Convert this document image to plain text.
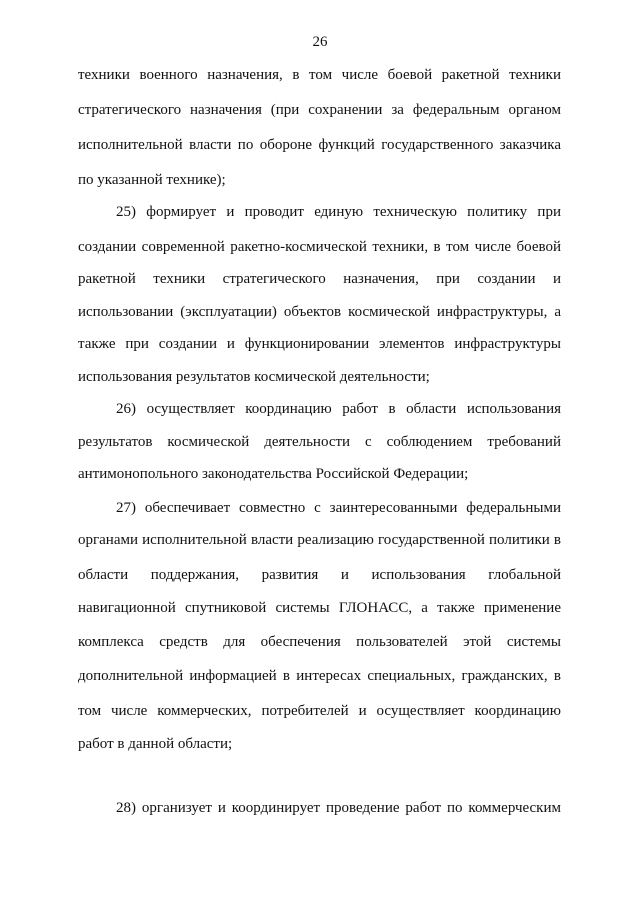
26
техники военного назначения, в том числе боевой ракетной техники
стратегического назначения (при сохранении за федеральным органом
исполнительной власти по обороне функций государственного заказчика
по указанной технике);
25) формирует и проводит единую техническую политику при
создании современной ракетно-космической техники, в том числе боевой
ракетной техники стратегического назначения, при создании и
использовании (эксплуатации) объектов космической инфраструктуры, а
также при создании и функционировании элементов инфраструктуры
использования результатов космической деятельности;
26) осуществляет координацию работ в области использования
результатов космической деятельности с соблюдением требований
антимонопольного законодательства Российской Федерации;
27) обеспечивает совместно с заинтересованными федеральными
органами исполнительной власти реализацию государственной политики в
области поддержания, развития и использования глобальной
навигационной спутниковой системы ГЛОНАСС, а также применение
комплекса средств для обеспечения пользователей этой системы
дополнительной информацией в интересах специальных, гражданских, в
том числе коммерческих, потребителей и осуществляет координацию
работ в данной области;
28) организует и координирует проведение работ по коммерческим
